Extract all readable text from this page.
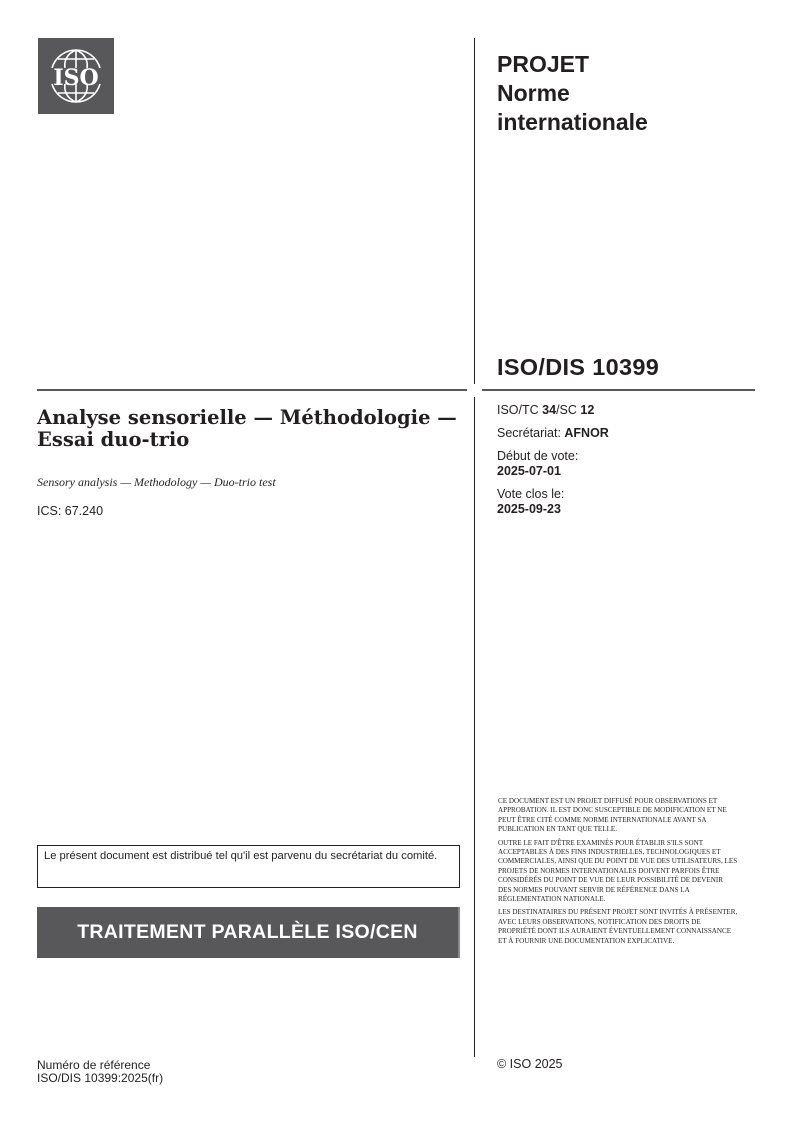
ISO
PROJET
Norme
internationale
ISO/DIS 10399
ISO/TC 34/SC 12
Secrétariat: AFNOR
Début de vote:
2025-07-01
Vote clos le:
2025-09-23
Analyse sensorielle — Méthodologie — Essai duo-trio
Sensory analysis — Methodology — Duo-trio test
ICS: 67.240

CE DOCUMENT EST UN PROJET DIFFUSÉ POUR OBSERVATIONS ET APPROBATION. IL EST DONC SUSCEPTIBLE DE MODIFICATION ET NE PEUT ÊTRE CITÉ COMME NORME INTERNATIONALE AVANT SA PUBLICATION EN TANT QUE TELLE.

OUTRE LE FAIT D'ÊTRE EXAMINÉS POUR ÉTABLIR S'ILS SONT ACCEPTABLES À DES FINS INDUSTRIELLES, TECHNOLOGIQUES ET COMMERCIALES, AINSI QUE DU POINT DE VUE DES UTILISATEURS, LES PROJETS DE NORMES INTERNATIONALES DOIVENT PARFOIS ÊTRE CONSIDÉRÉS DU POINT DE VUE DE LEUR POSSIBILITÉ DE DEVENIR DES NORMES POUVANT SERVIR DE RÉFÉRENCE DANS LA RÉGLEMENTATION NATIONALE.

LES DESTINATAIRES DU PRÉSENT PROJET SONT INVITÉS À PRÉSENTER, AVEC LEURS OBSERVATIONS, NOTIFICATION DES DROITS DE PROPRIÉTÉ DONT ILS AURAIENT ÉVENTUELLEMENT CONNAISSANCE ET À FOURNIR UNE DOCUMENTATION EXPLICATIVE.

© ISO 2025
Le présent document est distribué tel qu'il est parvenu du secrétariat du comité.
TRAITEMENT PARALLÈLE ISO/CEN
Numéro de référence
ISO/DIS 10399:2025(fr)
